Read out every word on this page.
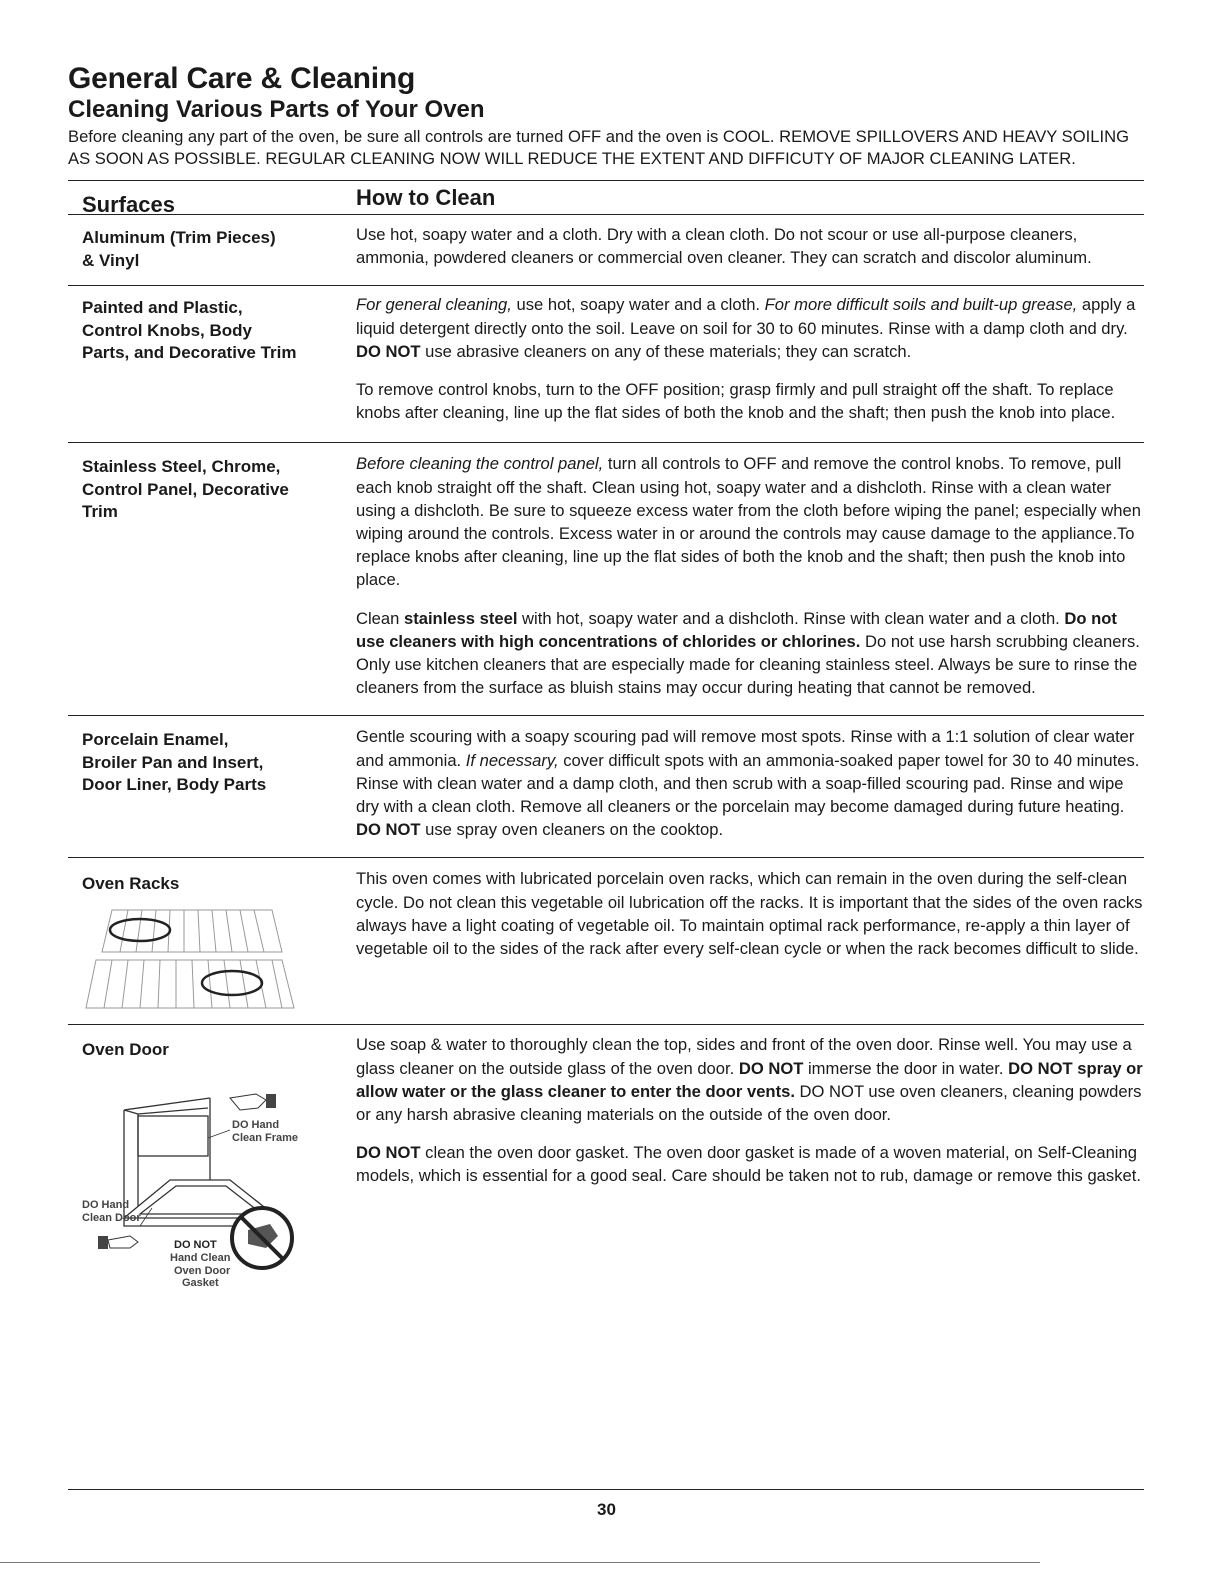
General Care & Cleaning
Cleaning Various Parts of Your Oven

Before cleaning any part of the oven, be sure all controls are turned OFF and the oven is COOL. REMOVE SPILLOVERS AND HEAVY SOILING AS SOON AS POSSIBLE. REGULAR CLEANING NOW WILL REDUCE THE EXTENT AND DIFFICUTY OF MAJOR CLEANING LATER.

Surfaces	How to Clean
Aluminum (Trim Pieces)
& Vinyl

Use hot, soapy water and a cloth. Dry with a clean cloth. Do not scour or use all-purpose cleaners, ammonia, powdered cleaners or commercial oven cleaner. They can scratch and discolor aluminum.

Painted and Plastic,
Control Knobs, Body
Parts, and Decorative Trim

For general cleaning, use hot, soapy water and a cloth. For more difficult soils and built-up grease, apply a liquid detergent directly onto the soil. Leave on soil for 30 to 60 minutes. Rinse with a damp cloth and dry. DO NOT use abrasive cleaners on any of these materials; they can scratch.

To remove control knobs, turn to the OFF position; grasp firmly and pull straight off the shaft. To replace knobs after cleaning, line up the flat sides of both the knob and the shaft; then push the knob into place.

Stainless Steel, Chrome,
Control Panel, Decorative
Trim

Before cleaning the control panel, turn all controls to OFF and remove the control knobs. To remove, pull each knob straight off the shaft. Clean using hot, soapy water and a dishcloth. Rinse with a clean water using a dishcloth. Be sure to squeeze excess water from the cloth before wiping the panel; especially when wiping around the controls. Excess water in or around the controls may cause damage to the appliance.To replace knobs after cleaning, line up the flat sides of both the knob and the shaft; then push the knob into place.

Clean stainless steel with hot, soapy water and a dishcloth. Rinse with clean water and a cloth. Do not use cleaners with high concentrations of chlorides or chlorines. Do not use harsh scrubbing cleaners. Only use kitchen cleaners that are especially made for cleaning stainless steel. Always be sure to rinse the cleaners from the surface as bluish stains may occur during heating that cannot be removed.

Porcelain Enamel,
Broiler Pan and Insert,
Door Liner, Body Parts

Gentle scouring with a soapy scouring pad will remove most spots. Rinse with a 1:1 solution of clear water and ammonia. If necessary, cover difficult spots with an ammonia-soaked paper towel for 30 to 40 minutes. Rinse with clean water and a damp cloth, and then scrub with a soap-filled scouring pad. Rinse and wipe dry with a clean cloth. Remove all cleaners or the porcelain may become damaged during future heating. DO NOT use spray oven cleaners on the cooktop.

Oven Racks	This oven comes with lubricated porcelain oven racks, which can remain in the oven during the self-clean cycle. Do not clean this vegetable oil lubrication off the racks. It is important that the sides of the oven racks always have a light coating of vegetable oil. To maintain optimal rack performance, re-apply a thin layer of vegetable oil to the sides of the rack after every self-clean cycle or when the rack becomes difficult to slide.

Oven Door
DO Hand
Clean Frame
DO Hand
Clean Door
DO NOT
Hand Clean
Oven Door
Gasket

Use soap & water to thoroughly clean the top, sides and front of the oven door. Rinse well. You may use a glass cleaner on the outside glass of the oven door. DO NOT immerse the door in water. DO NOT spray or allow water or the glass cleaner to enter the door vents. DO NOT use oven cleaners, cleaning powders or any harsh abrasive cleaning materials on the outside of the oven door.

DO NOT clean the oven door gasket. The oven door gasket is made of a woven material, on Self-Cleaning models, which is essential for a good seal. Care should be taken not to rub, damage or remove this gasket.

30
